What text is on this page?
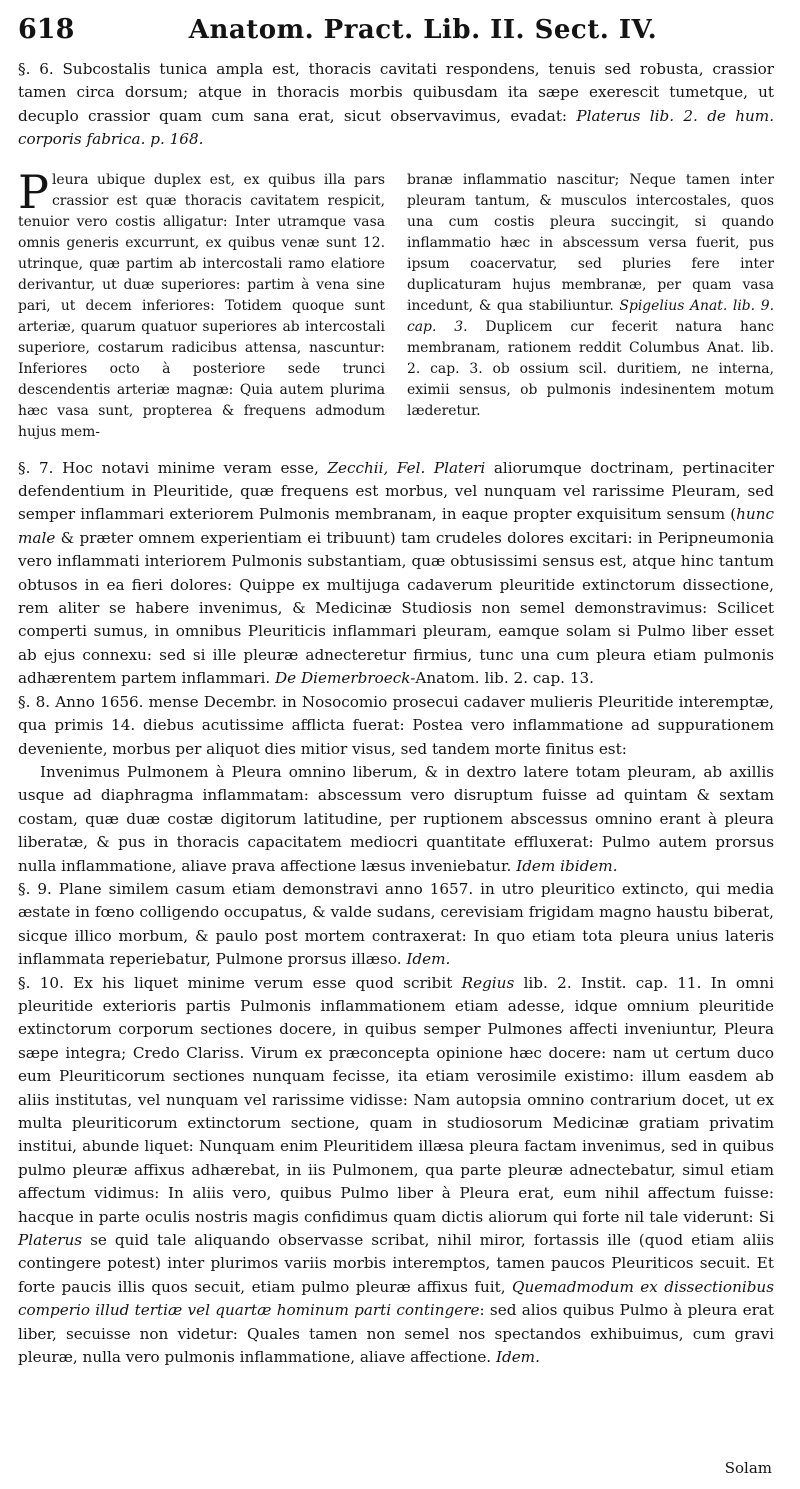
618	Anatom. Pract. Lib. II. Sect. IV.

§. 6. Subcostalis tunica ampla est, thoracis cavitati respondens, tenuis sed robusta, crassior tamen circa dorsum; atque in thoracis morbis quibusdam ita sæpe exerescit tumetque, ut decuplo crassior quam cum sana erat, sicut observavimus, evadat: Platerus lib. 2. de hum. corporis fabrica. p. 168.

Pleura ubique duplex est, ex quibus illa pars crassior est quæ thoracis cavitatem respicit, tenuior vero costis alligatur: Inter utramque vasa omnis generis excurrunt, ex quibus venæ sunt 12. utrinque, quæ partim ab intercostali ramo elatiore derivantur, ut duæ superiores: partim à vena sine pari, ut decem inferiores: Totidem quoque sunt arteriæ, quarum quatuor superiores ab intercostali superiore, costarum radicibus attensa, nascuntur: Inferiores octo à posteriore sede trunci descendentis arteriæ magnæ: Quia autem plurima hæc vasa sunt, propterea & frequens admodum hujus mem-

branæ inflammatio nascitur; Neque tamen inter pleuram tantum, & musculos intercostales, quos una cum costis pleura succingit, si quando inflammatio hæc in abscessum versa fuerit, pus ipsum coacervatur, sed pluries fere inter duplicaturam hujus membranæ, per quam vasa incedunt, & qua stabiliuntur. Spigelius Anat. lib. 9. cap. 3. Duplicem cur fecerit natura hanc membranam, rationem reddit Columbus Anat. lib. 2. cap. 3. ob ossium scil. duritiem, ne interna, eximii sensus, ob pulmonis indesinentem motum læderetur.

§. 7. Hoc notavi minime veram esse, Zecchii, Fel. Plateri aliorumque doctrinam, pertinaciter defendentium in Pleuritide, quæ frequens est morbus, vel nunquam vel rarissime Pleuram, sed semper inflammari exteriorem Pulmonis membranam, in eaque propter exquisitum sensum (hunc male & præter omnem experientiam ei tribuunt) tam crudeles dolores excitari: in Peripneumonia vero inflammati interiorem Pulmonis substantiam, quæ obtusissimi sensus est, atque hinc tantum obtusos in ea fieri dolores: Quippe ex multijuga cadaverum pleuritide extinctorum dissectione, rem aliter se habere invenimus, & Medicinæ Studiosis non semel demonstravimus: Scilicet comperti sumus, in omnibus Pleuriticis inflammari pleuram, eamque solam si Pulmo liber esset ab ejus connexu: sed si ille pleuræ adnecteretur firmius, tunc una cum pleura etiam pulmonis adhærentem partem inflammari. De Diemerbroeck-Anatom. lib. 2. cap. 13.

§. 8. Anno 1656. mense Decembr. in Nosocomio prosecui cadaver mulieris Pleuritide interemptæ, qua primis 14. diebus acutissime afflicta fuerat: Postea vero inflammatione ad suppurationem deveniente, morbus per aliquot dies mitior visus, sed tandem morte finitus est:

Invenimus Pulmonem à Pleura omnino liberum, & in dextro latere totam pleuram, ab axillis usque ad diaphragma inflammatam: abscessum vero disruptum fuisse ad quintam & sextam costam, quæ duæ costæ digitorum latitudine, per ruptionem abscessus omnino erant à pleura liberatæ, & pus in thoracis capacitatem mediocri quantitate effluxerat: Pulmo autem prorsus nulla inflammatione, aliave prava affectione læsus inveniebatur. Idem ibidem.

§. 9. Plane similem casum etiam demonstravi anno 1657. in utro pleuritico extincto, qui media æstate in fœno colligendo occupatus, & valde sudans, cerevisiam frigidam magno haustu biberat, sicque illico morbum, & paulo post mortem contraxerat: In quo etiam tota pleura unius lateris inflammata reperiebatur, Pulmone prorsus illæso. Idem.

§. 10. Ex his liquet minime verum esse quod scribit Regius lib. 2. Instit. cap. 11. In omni pleuritide exterioris partis Pulmonis inflammationem etiam adesse, idque omnium pleuritide extinctorum corporum sectiones docere, in quibus semper Pulmones affecti inveniuntur, Pleura sæpe integra; Credo Clariss. Virum ex præconcepta opinione hæc docere: nam ut certum duco eum Pleuriticorum sectiones nunquam fecisse, ita etiam verosimile existimo: illum easdem ab aliis institutas, vel nunquam vel rarissime vidisse: Nam autopsia omnino contrarium docet, ut ex multa pleuriticorum extinctorum sectione, quam in studiosorum Medicinæ gratiam privatim institui, abunde liquet: Nunquam enim Pleuritidem illæsa pleura factam invenimus, sed in quibus pulmo pleuræ affixus adhærebat, in iis Pulmonem, qua parte pleuræ adnectebatur, simul etiam affectum vidimus: In aliis vero, quibus Pulmo liber à Pleura erat, eum nihil affectum fuisse: hacque in parte oculis nostris magis confidimus quam dictis aliorum qui forte nil tale viderunt: Si Platerus se quid tale aliquando observasse scribat, nihil miror, fortassis ille (quod etiam aliis contingere potest) inter plurimos variis morbis interemptos, tamen paucos Pleuriticos secuit. Et forte paucis illis quos secuit, etiam pulmo pleuræ affixus fuit, Quemadmodum ex dissectionibus comperio illud tertiæ vel quartæ hominum parti contingere: sed alios quibus Pulmo à pleura erat liber, secuisse non videtur: Quales tamen non semel nos spectandos exhibuimus, cum gravi pleuræ, nulla vero pulmonis inflammatione, aliave affectione. Idem.

Solam
